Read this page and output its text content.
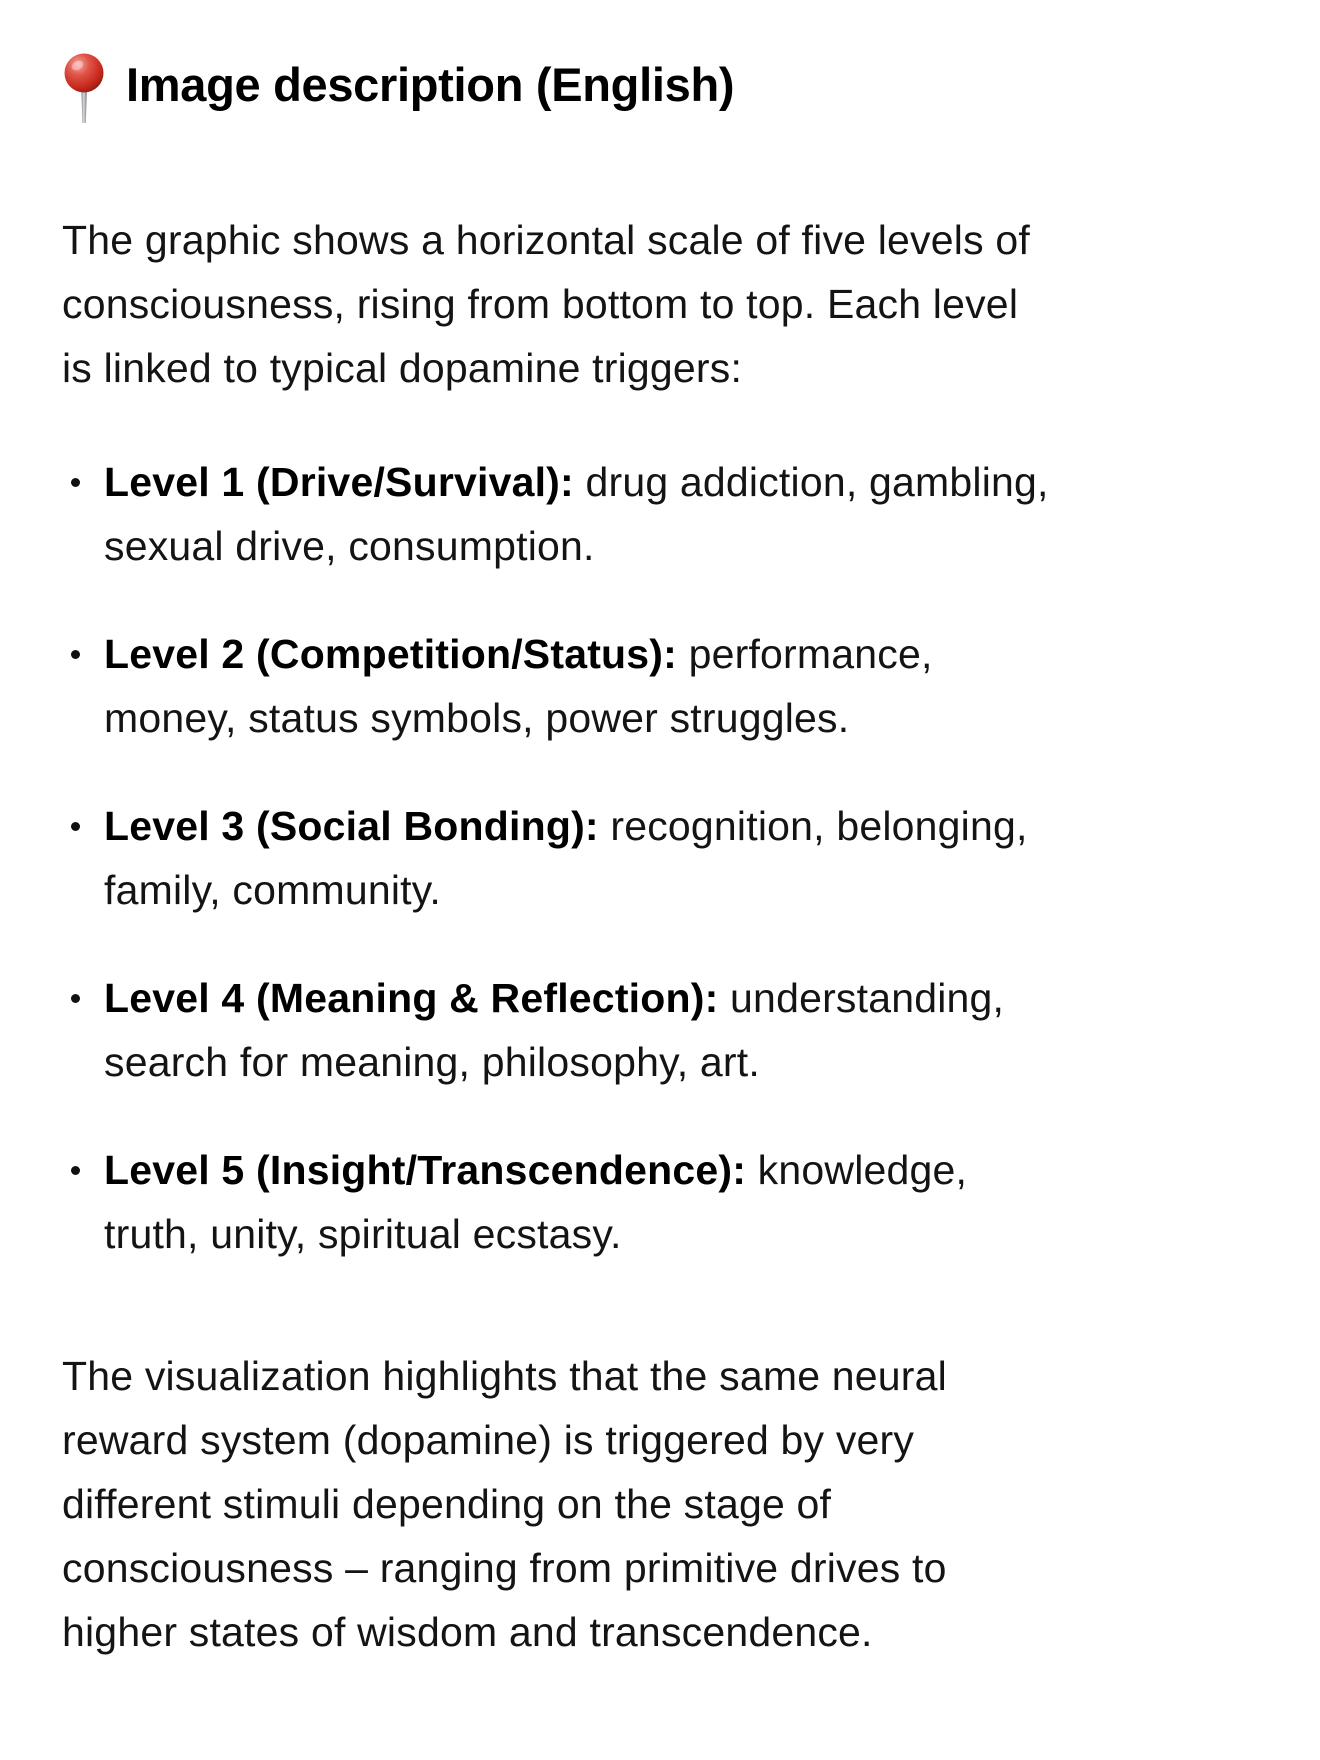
Image description (English)
The graphic shows a horizontal scale of five levels of
consciousness, rising from bottom to top. Each level
is linked to typical dopamine triggers:
Level 1 (Drive/Survival): drug addiction, gambling,
sexual drive, consumption.
Level 2 (Competition/Status): performance,
money, status symbols, power struggles.
Level 3 (Social Bonding): recognition, belonging,
family, community.
Level 4 (Meaning & Reflection): understanding,
search for meaning, philosophy, art.
Level 5 (Insight/Transcendence): knowledge,
truth, unity, spiritual ecstasy.
The visualization highlights that the same neural
reward system (dopamine) is triggered by very
different stimuli depending on the stage of
consciousness – ranging from primitive drives to
higher states of wisdom and transcendence.
